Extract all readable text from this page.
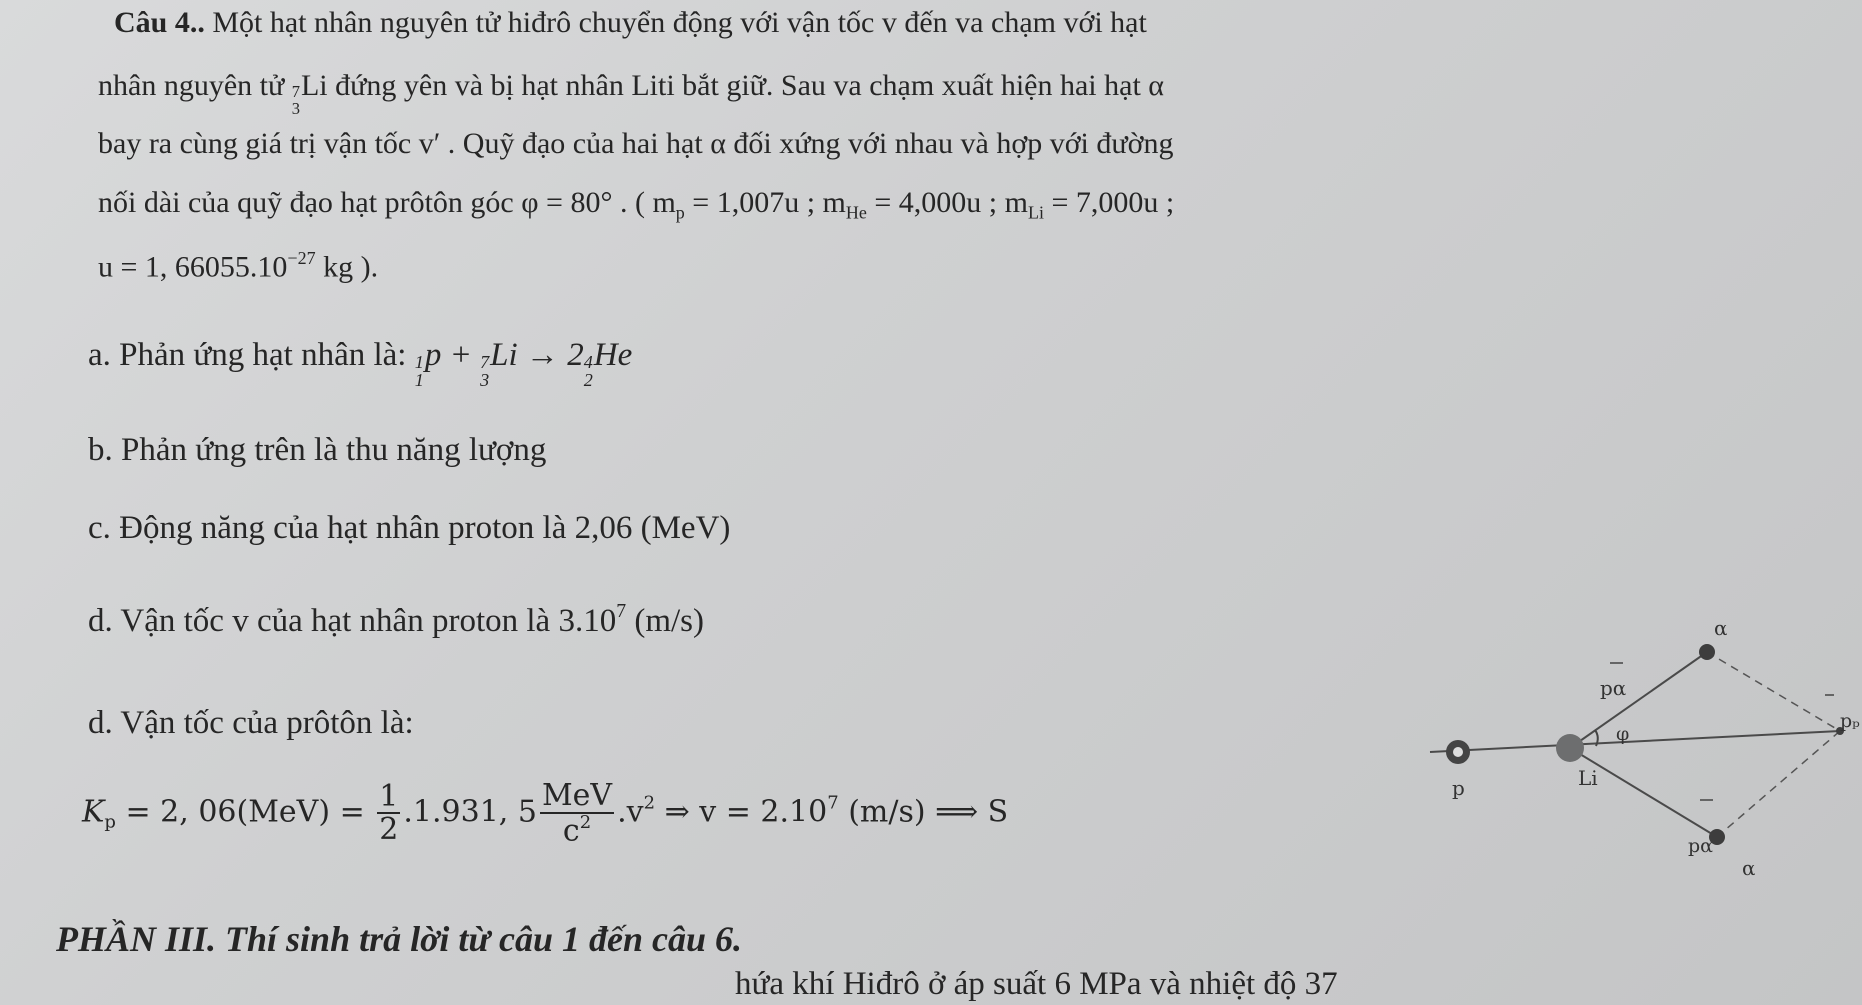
Câu 4.. Một hạt nhân nguyên tử hiđrô chuyển động với vận tốc v đến va chạm với hạt
nhân nguyên tử 7
3
Li đứng yên và bị hạt nhân Liti bắt giữ. Sau va chạm xuất hiện hai hạt α
bay ra cùng giá trị vận tốc v′ . Quỹ đạo của hai hạt α đối xứng với nhau và hợp với đường
nối dài của quỹ đạo hạt prôtôn góc φ = 80° . ( $m_p = 1,007u$ ; $m_{He} = 4,000u$ ; $m_{Li} = 7,000u$ ;
u = 1, $66055.10^{-27}$ kg ).
a. Phản ứng hạt nhân là: 1
1
p + 7
3
Li → 2 4
2
He
b. Phản ứng trên là thu năng lượng
c. Động năng của hạt nhân proton là 2,06 (MeV)
d. Vận tốc v của hạt nhân proton là 3.10$^7$ (m/s)
d. Vận tốc của prôtôn là:
$K_p = 2$, $06(MeV) = \frac{1}{2} .1.931$, $5 \frac{\text{MeV}}{c^2} .v^2$ ⇒ $v = 2.10^7$ (m/s) ⟹ S
α
pα
φ
pₚ
p	Li
pα
α
PHẦN III. Thí sinh trả lời từ câu 1 đến câu 6.
hứa khí Hiđrô ở áp suất 6 MPa và nhiệt độ 37
